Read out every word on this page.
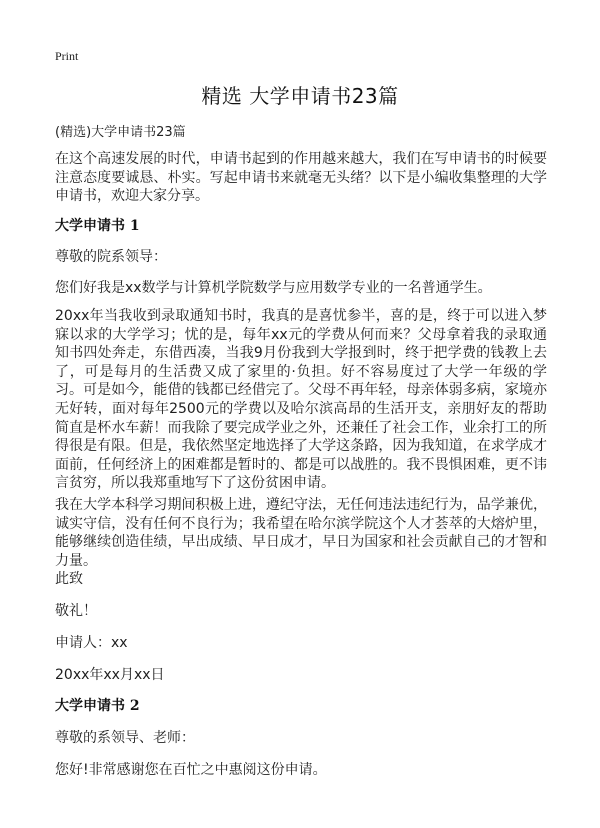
Print
精选 大学申请书23篇
(精选)大学申请书23篇
在这个高速发展的时代，申请书起到的作用越来越大，我们在写申请书的时候要注意态度要诚恳、朴实。写起申请书来就毫无头绪？以下是小编收集整理的大学申请书，欢迎大家分享。
大学申请书 1
尊敬的院系领导：
您们好我是xx数学与计算机学院数学与应用数学专业的一名普通学生。
20xx年当我收到录取通知书时，我真的是喜忧参半，喜的是，终于可以进入梦寐以求的大学学习；忧的是，每年xx元的学费从何而来？父母拿着我的录取通知书四处奔走，东借西凑，当我9月份我到大学报到时，终于把学费的钱教上去了，可是每月的生活费又成了家里的·负担。好不容易度过了大学一年级的学习。可是如今，能借的钱都已经借完了。父母不再年轻，母亲体弱多病，家境亦无好转，面对每年2500元的学费以及哈尔滨高昂的生活开支，亲朋好友的帮助简直是杯水车薪！而我除了要完成学业之外，还兼任了社会工作，业余打工的所得很是有限。但是，我依然坚定地选择了大学这条路，因为我知道，在求学成才面前，任何经济上的困难都是暂时的、都是可以战胜的。我不畏惧困难，更不讳言贫穷，所以我郑重地写下了这份贫困申请。
我在大学本科学习期间积极上进，遵纪守法，无任何违法违纪行为，品学兼优，诚实守信，没有任何不良行为；我希望在哈尔滨学院这个人才荟萃的大熔炉里，能够继续创造佳绩，早出成绩、早日成才，早日为国家和社会贡献自己的才智和力量。
此致
敬礼！
申请人：xx
20xx年xx月xx日
大学申请书 2
尊敬的系领导、老师：
您好!非常感谢您在百忙之中惠阅这份申请。
